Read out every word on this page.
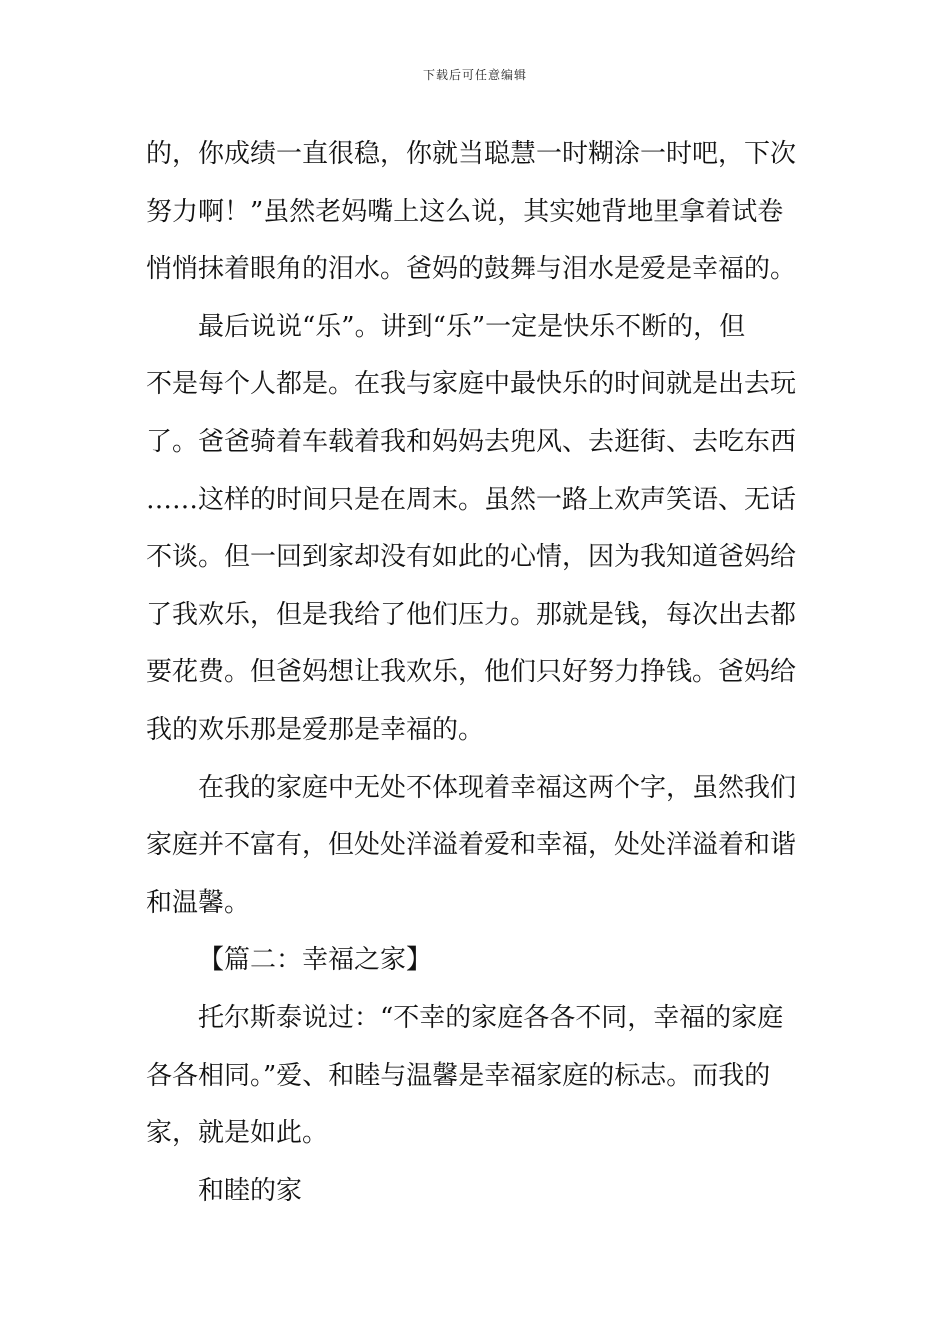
下载后可任意编辑
的，你成绩一直很稳，你就当聪慧一时糊涂一时吧，下次
努力啊！”虽然老妈嘴上这么说，其实她背地里拿着试卷
悄悄抹着眼角的泪水。爸妈的鼓舞与泪水是爱是幸福的。
最后说说“乐”。讲到“乐”一定是快乐不断的，但
不是每个人都是。在我与家庭中最快乐的时间就是出去玩
了。爸爸骑着车载着我和妈妈去兜风、去逛街、去吃东西
……这样的时间只是在周末。虽然一路上欢声笑语、无话
不谈。但一回到家却没有如此的心情，因为我知道爸妈给
了我欢乐，但是我给了他们压力。那就是钱，每次出去都
要花费。但爸妈想让我欢乐，他们只好努力挣钱。爸妈给
我的欢乐那是爱那是幸福的。
在我的家庭中无处不体现着幸福这两个字，虽然我们
家庭并不富有，但处处洋溢着爱和幸福，处处洋溢着和谐
和温馨。
【篇二：幸福之家】
托尔斯泰说过：“不幸的家庭各各不同，幸福的家庭
各各相同。”爱、和睦与温馨是幸福家庭的标志。而我的
家，就是如此。
和睦的家
